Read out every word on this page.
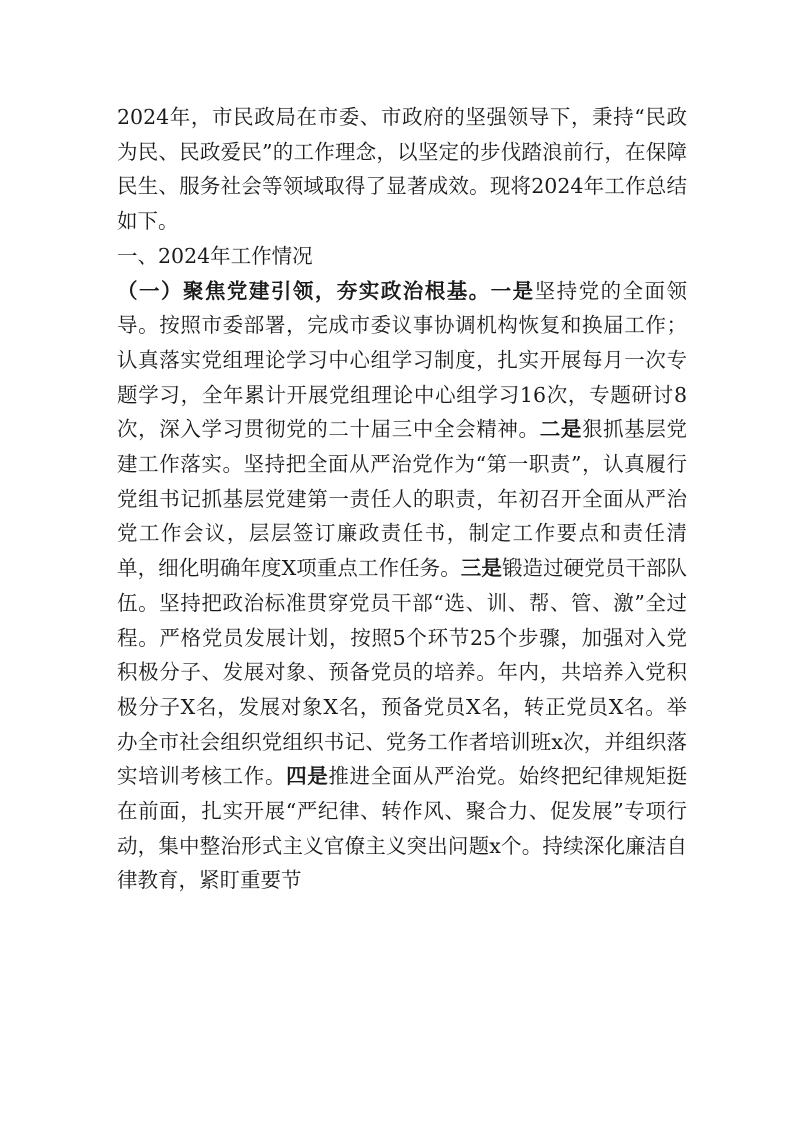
2024年，市民政局在市委、市政府的坚强领导下，秉持“民政为民、民政爱民”的工作理念，以坚定的步伐踏浪前行，在保障民生、服务社会等领域取得了显著成效。现将2024年工作总结如下。

一、2024年工作情况

（一）聚焦党建引领，夯实政治根基。一是坚持党的全面领导。按照市委部署，完成市委议事协调机构恢复和换届工作；认真落实党组理论学习中心组学习制度，扎实开展每月一次专题学习，全年累计开展党组理论中心组学习16次，专题研讨8次，深入学习贯彻党的二十届三中全会精神。二是狠抓基层党建工作落实。坚持把全面从严治党作为“第一职责”，认真履行党组书记抓基层党建第一责任人的职责，年初召开全面从严治党工作会议，层层签订廉政责任书，制定工作要点和责任清单，细化明确年度X项重点工作任务。三是锻造过硬党员干部队伍。坚持把政治标准贯穿党员干部“选、训、帮、管、激”全过程。严格党员发展计划，按照5个环节25个步骤，加强对入党积极分子、发展对象、预备党员的培养。年内，共培养入党积极分子X名，发展对象X名，预备党员X名，转正党员X名。举办全市社会组织党组织书记、党务工作者培训班x次，并组织落实培训考核工作。四是推进全面从严治党。始终把纪律规矩挺在前面，扎实开展“严纪律、转作风、聚合力、促发展”专项行动，集中整治形式主义官僚主义突出问题x个。持续深化廉洁自律教育，紧盯重要节
